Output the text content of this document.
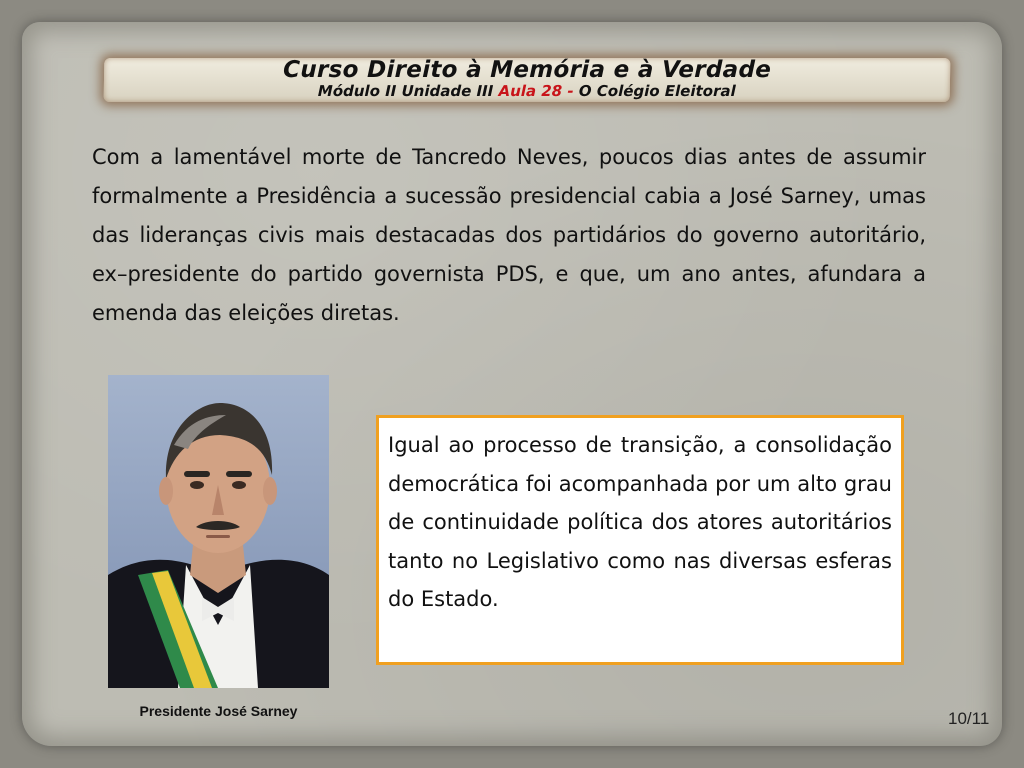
Curso Direito à Memória e à Verdade
Módulo II Unidade III Aula 28 - O Colégio Eleitoral

Com a lamentável morte de Tancredo Neves, poucos dias antes de assumir formalmente a Presidência a sucessão presidencial cabia a José Sarney, umas das lideranças civis mais destacadas dos partidários do governo autoritário, ex–presidente do partido governista PDS, e que, um ano antes, afundara a emenda das eleições diretas.

Presidente José Sarney

Igual ao processo de transição, a consolidação democrática foi acompanhada por um alto grau de continuidade política dos atores autoritários tanto no Legislativo como nas diversas esferas do Estado.

10/11
